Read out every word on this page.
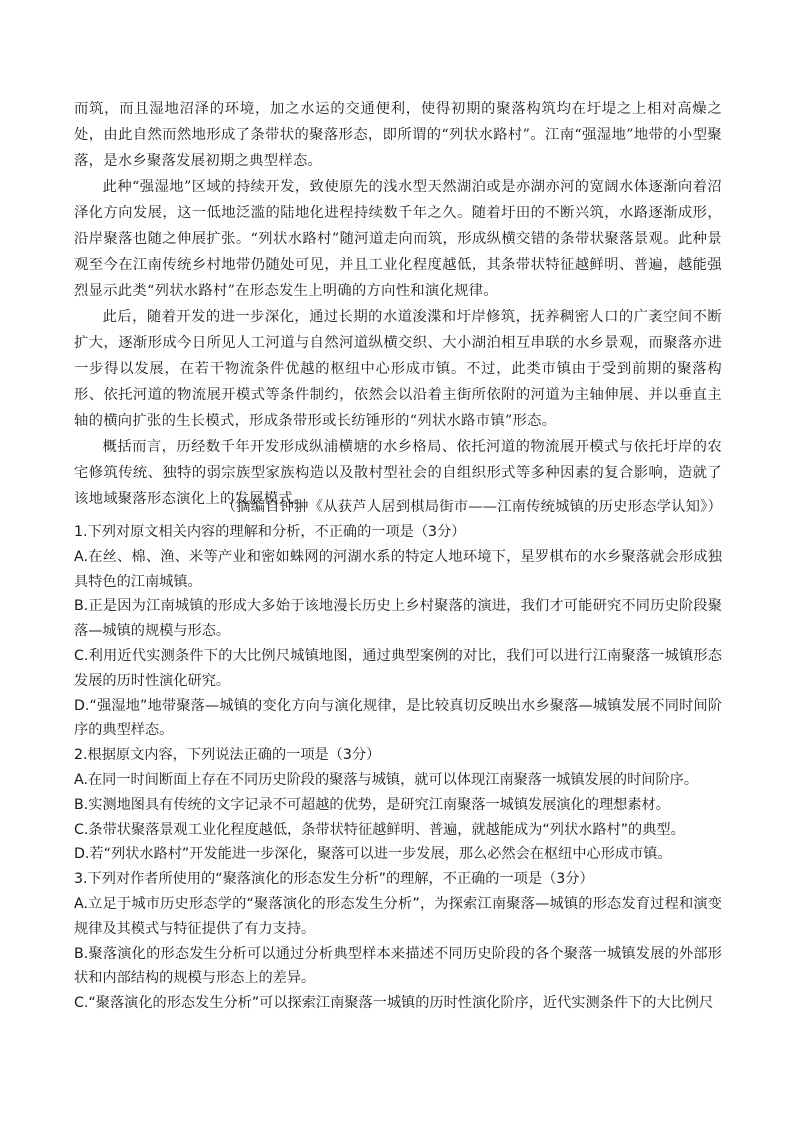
而筑，而且湿地沼泽的环境，加之水运的交通便利，使得初期的聚落构筑均在圩堤之上相对高燥之处，由此自然而然地形成了条带状的聚落形态，即所谓的“列状水路村”。江南“强湿地”地带的小型聚落，是水乡聚落发展初期之典型样态。

此种“强湿地”区域的持续开发，致使原先的浅水型天然湖泊或是亦湖亦河的宽阔水体逐渐向着沼泽化方向发展，这一低地泛滥的陆地化进程持续数千年之久。随着圩田的不断兴筑，水路逐渐成形，沿岸聚落也随之伸展扩张。“列状水路村”随河道走向而筑，形成纵横交错的条带状聚落景观。此种景观至今在江南传统乡村地带仍随处可见，并且工业化程度越低，其条带状特征越鲜明、普遍，越能强烈显示此类“列状水路村”在形态发生上明确的方向性和演化规律。

此后，随着开发的进一步深化，通过长期的水道浚渫和圩岸修筑，抚养稠密人口的广袤空间不断扩大，逐渐形成今日所见人工河道与自然河道纵横交织、大小湖泊相互串联的水乡景观，而聚落亦进一步得以发展，在若干物流条件优越的枢纽中心形成市镇。不过，此类市镇由于受到前期的聚落构形、依托河道的物流展开模式等条件制约，依然会以沿着主街所依附的河道为主轴伸展、并以垂直主轴的横向扩张的生长模式，形成条带形或长纺锤形的“列状水路市镇”形态。

概括而言，历经数千年开发形成纵浦横塘的水乡格局、依托河道的物流展开模式与依托圩岸的农宅修筑传统、独特的弱宗族型家族构造以及散村型社会的自组织形式等多种因素的复合影响，造就了该地域聚落形态演化上的发展模式。

（摘编自钟翀《从获芦人居到棋局街市——江南传统城镇的历史形态学认知》）

1.下列对原文相关内容的理解和分析，不正确的一项是（3分）

A.在丝、棉、渔、米等产业和密如蛛网的河湖水系的特定人地环境下，星罗棋布的水乡聚落就会形成独具特色的江南城镇。

B.正是因为江南城镇的形成大多始于该地漫长历史上乡村聚落的演进，我们才可能研究不同历史阶段聚落—城镇的规模与形态。

C.利用近代实测条件下的大比例尺城镇地图，通过典型案例的对比，我们可以进行江南聚落一城镇形态发展的历时性演化研究。

D.“强湿地”地带聚落—城镇的变化方向与演化规律，是比较真切反映出水乡聚落—城镇发展不同时间阶序的典型样态。

2.根据原文内容，下列说法正确的一项是（3分）

A.在同一时间断面上存在不同历史阶段的聚落与城镇，就可以体现江南聚落一城镇发展的时间阶序。

B.实测地图具有传统的文字记录不可超越的优势，是研究江南聚落一城镇发展演化的理想素材。

C.条带状聚落景观工业化程度越低，条带状特征越鲜明、普遍，就越能成为“列状水路村”的典型。

D.若“列状水路村”开发能进一步深化，聚落可以进一步发展，那么必然会在枢纽中心形成市镇。

3.下列对作者所使用的“聚落演化的形态发生分析”的理解，不正确的一项是（3分）

A.立足于城市历史形态学的“聚落演化的形态发生分析”，为探索江南聚落—城镇的形态发育过程和演变规律及其模式与特征提供了有力支持。

B.聚落演化的形态发生分析可以通过分析典型样本来描述不同历史阶段的各个聚落一城镇发展的外部形状和内部结构的规模与形态上的差异。

C.“聚落演化的形态发生分析”可以探索江南聚落一城镇的历时性演化阶序，近代实测条件下的大比例尺
